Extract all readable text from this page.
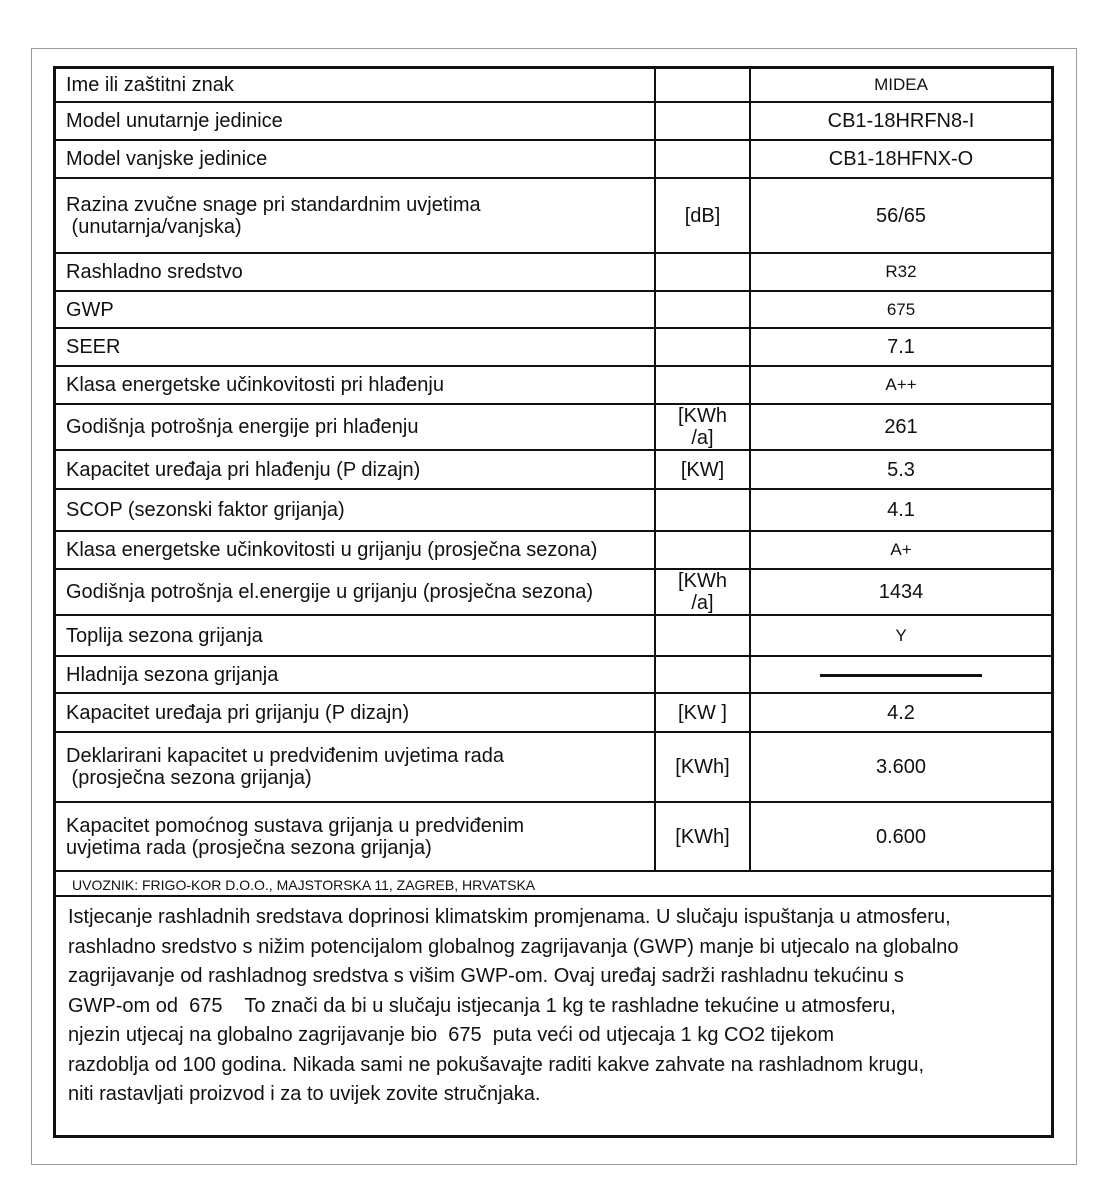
Ime ili zaštitni znak		MIDEA
Model unutarnje jedinice		CB1-18HRFN8-I
Model vanjske jedinice		CB1-18HFNX-O

Razina zvučne snage pri standardnim uvjetima
(unutarnja/vanjska)	[dB]	56/65
Rashladno sredstvo		R32
GWP		675
SEER		7.1
Klasa energetske učinkovitosti pri hlađenju		A++
Godišnja potrošnja energije pri hlađenju	[KWh /a]	261
Kapacitet uređaja pri hlađenju (P dizajn)	[KW]	5.3
SCOP (sezonski faktor grijanja)		4.1
Klasa energetske učinkovitosti u grijanju (prosječna sezona)		A+
Godišnja potrošnja el.energije u grijanju (prosječna sezona)	[KWh /a]	1434
Toplija sezona grijanja		Y
Hladnija sezona grijanja		
Kapacitet uređaja pri grijanju (P dizajn)	[KW ]	4.2

Deklarirani kapacitet u predviđenim uvjetima rada
(prosječna sezona grijanja)	[KWh]	3.600

Kapacitet pomoćnog sustava grijanja u predviđenim
uvjetima rada (prosječna sezona grijanja)	[KWh]	0.600
UVOZNIK: FRIGO-KOR D.O.O., MAJSTORSKA 11, ZAGREB, HRVATSKA

Istjecanje rashladnih sredstava doprinosi klimatskim promjenama. U slučaju ispuštanja u atmosferu,

rashladno sredstvo s nižim potencijalom globalnog zagrijavanja (GWP) manje bi utjecalo na globalno

zagrijavanje od rashladnog sredstva s višim GWP-om. Ovaj uređaj sadrži rashladnu tekućinu s

GWP-om od  675    To znači da bi u slučaju istjecanja 1 kg te rashladne tekućine u atmosferu,

njezin utjecaj na globalno zagrijavanje bio  675  puta veći od utjecaja 1 kg CO2 tijekom

razdoblja od 100 godina. Nikada sami ne pokušavajte raditi kakve zahvate na rashladnom krugu,

niti rastavljati proizvod i za to uvijek zovite stručnjaka.
